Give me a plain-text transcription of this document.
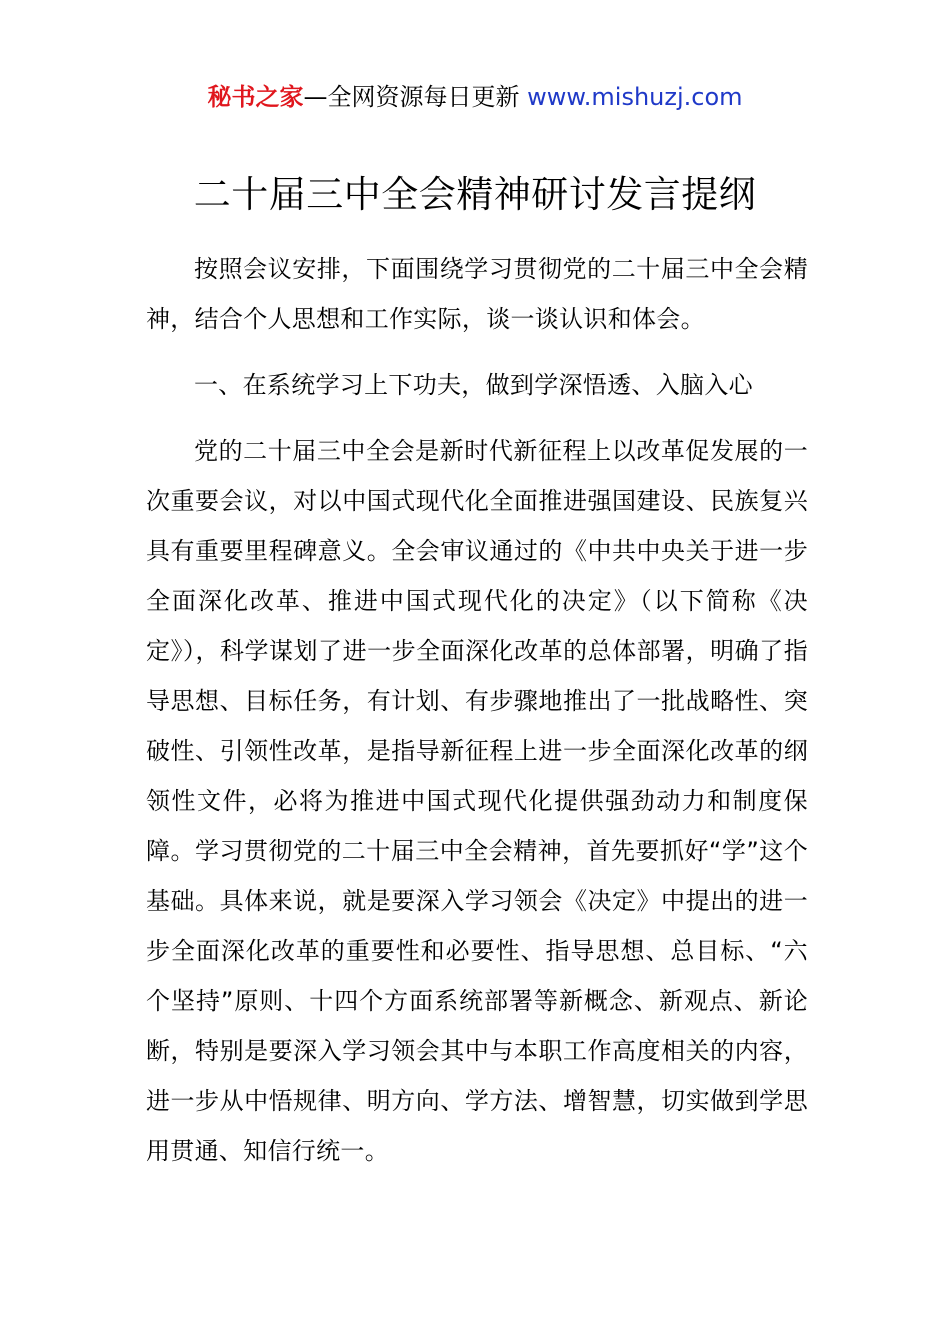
秘书之家—全网资源每日更新 www.mishuzj.com
二十届三中全会精神研讨发言提纲

按照会议安排，下面围绕学习贯彻党的二十届三中全会精神，结合个人思想和工作实际，谈一谈认识和体会。

一、在系统学习上下功夫，做到学深悟透、入脑入心

党的二十届三中全会是新时代新征程上以改革促发展的一次重要会议，对以中国式现代化全面推进强国建设、民族复兴具有重要里程碑意义。全会审议通过的《中共中央关于进一步全面深化改革、推进中国式现代化的决定》（以下简称《决定》），科学谋划了进一步全面深化改革的总体部署，明确了指导思想、目标任务，有计划、有步骤地推出了一批战略性、突破性、引领性改革，是指导新征程上进一步全面深化改革的纲领性文件，必将为推进中国式现代化提供强劲动力和制度保障。学习贯彻党的二十届三中全会精神，首先要抓好“学”这个基础。具体来说，就是要深入学习领会《决定》中提出的进一步全面深化改革的重要性和必要性、指导思想、总目标、“六个坚持”原则、十四个方面系统部署等新概念、新观点、新论断，特别是要深入学习领会其中与本职工作高度相关的内容，进一步从中悟规律、明方向、学方法、增智慧，切实做到学思用贯通、知信行统一。
